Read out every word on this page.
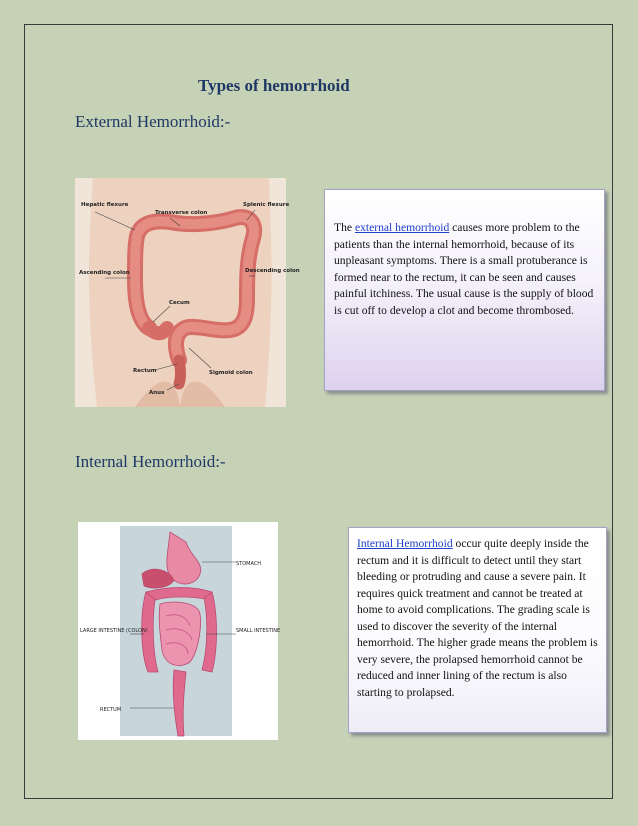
Types of hemorrhoid
External Hemorrhoid:-
Hepatic flexure
Transverse colon
Splenic flexure
Ascending colon	Descending colon
Cecum
Rectum	Sigmoid colon
Anus

The external hemorrhoid causes more problem to the patients than the internal hemorrhoid, because of its unpleasant symptoms. There is a small protuberance is formed near to the rectum, it can be seen and causes painful itchiness. The usual cause is the supply of blood is cut off to develop a clot and become thrombosed.

Internal Hemorrhoid:-
STOMACH
LARGE INTESTINE (COLON)	SMALL INTESTINE
RECTUM

Internal Hemorrhoid occur quite deeply inside the rectum and it is difficult to detect until they start bleeding or protruding and cause a severe pain. It requires quick treatment and cannot be treated at home to avoid complications. The grading scale is used to discover the severity of the internal hemorrhoid. The higher grade means the problem is very severe, the prolapsed hemorrhoid cannot be reduced and inner lining of the rectum is also starting to prolapsed.
